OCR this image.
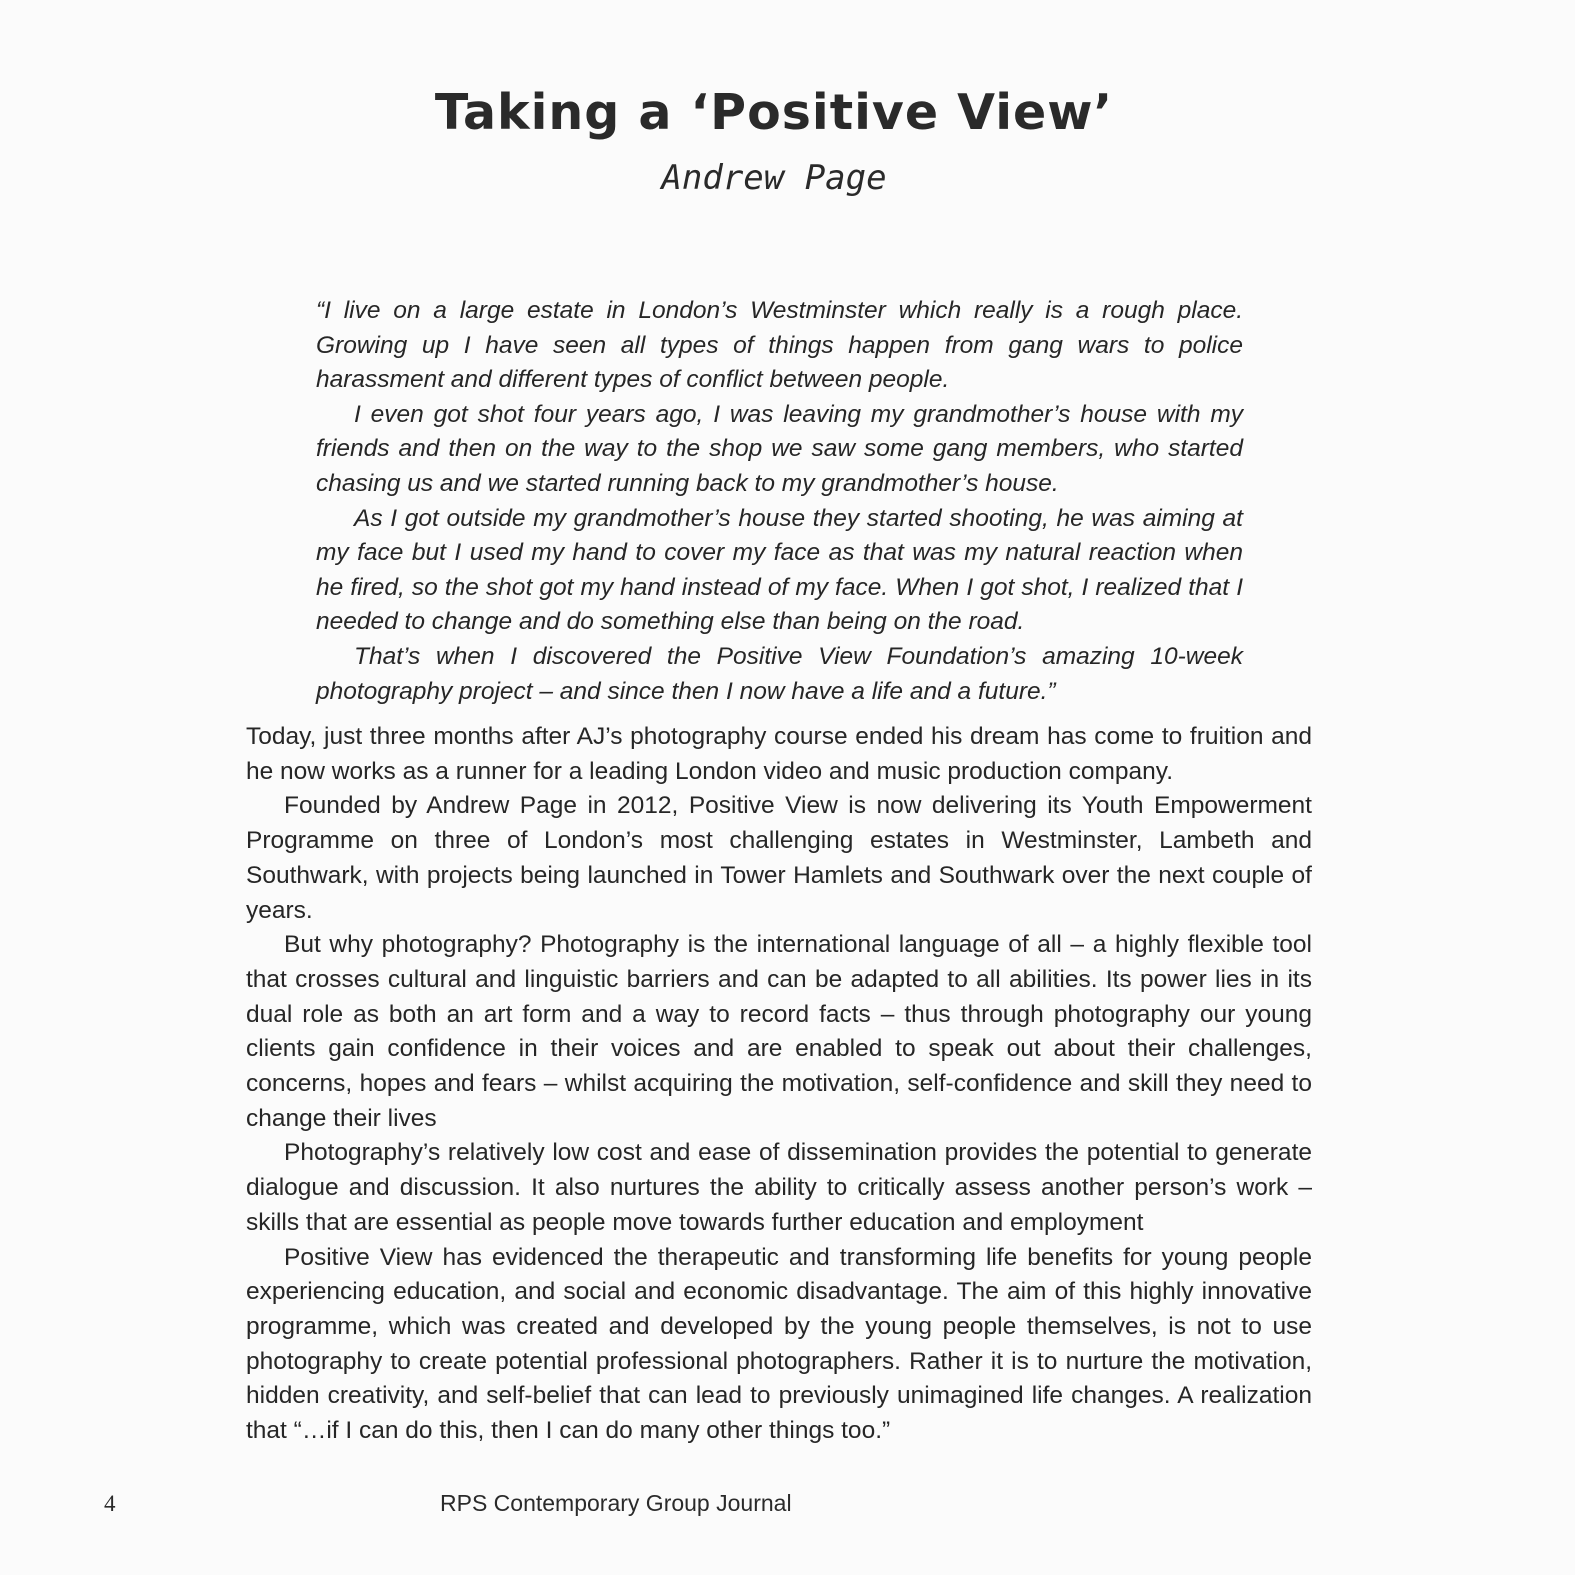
Taking a ‘Positive View’
Andrew Page

“I live on a large estate in London’s Westminster which really is a rough place. Growing up I have seen all types of things happen from gang wars to police harassment and different types of conflict between people.

I even got shot four years ago, I was leaving my grandmother’s house with my friends and then on the way to the shop we saw some gang members, who started chasing us and we started running back to my grandmother’s house.

As I got outside my grandmother’s house they started shooting, he was aiming at my face but I used my hand to cover my face as that was my natural reaction when he fired, so the shot got my hand instead of my face. When I got shot, I realized that I needed to change and do something else than being on the road.

That’s when I discovered the Positive View Foundation’s amazing 10-week photography project – and since then I now have a life and a future.”

Today, just three months after AJ’s photography course ended his dream has come to fruition and he now works as a runner for a leading London video and music production company.

Founded by Andrew Page in 2012, Positive View is now delivering its Youth Empowerment Programme on three of London’s most challenging estates in Westminster, Lambeth and Southwark, with projects being launched in Tower Hamlets and Southwark over the next couple of years.

But why photography? Photography is the international language of all – a highly flexible tool that crosses cultural and linguistic barriers and can be adapted to all abilities. Its power lies in its dual role as both an art form and a way to record facts – thus through photography our young clients gain confidence in their voices and are enabled to speak out about their challenges, concerns, hopes and fears – whilst acquiring the motivation, self-confidence and skill they need to change their lives

Photography’s relatively low cost and ease of dissemination provides the potential to generate dialogue and discussion. It also nurtures the ability to critically assess another person’s work – skills that are essential as people move towards further education and employment

Positive View has evidenced the therapeutic and transforming life benefits for young people experiencing education, and social and economic disadvantage. The aim of this highly innovative programme, which was created and developed by the young people themselves, is not to use photography to create potential professional photographers. Rather it is to nurture the motivation, hidden creativity, and self-belief that can lead to previously unimagined life changes. A realization that “…if I can do this, then I can do many other things too.”

4	RPS Contemporary Group Journal
